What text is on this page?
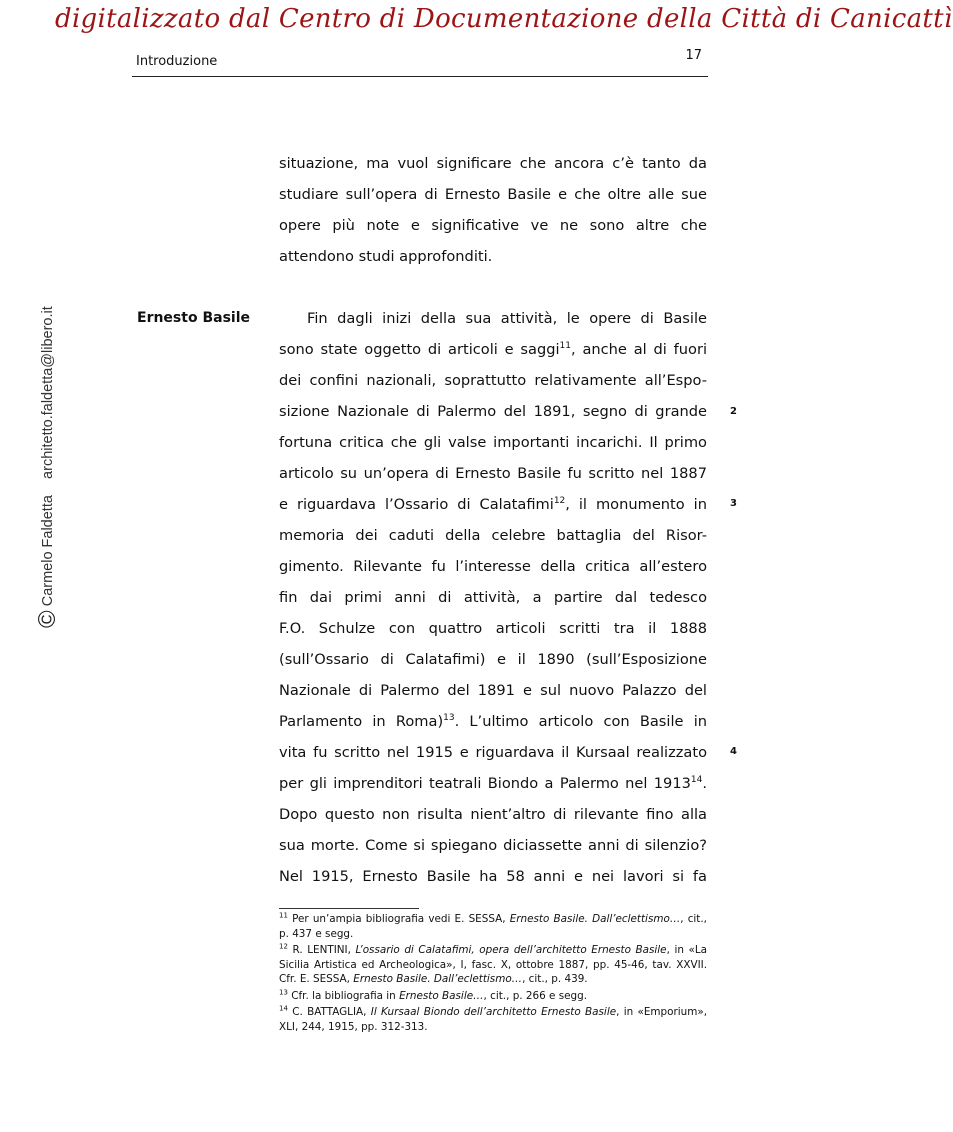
digitalizzato dal Centro di Documentazione della Città di Canicattì
Introduzione	17
© Carmelo Faldetta    architetto.faldetta@libero.it	Ernesto Basile
situazione, ma vuol significare che ancora c’è tanto da
studiare sull’opera di Ernesto Basile e che oltre alle sue
opere più note e significative ve ne sono altre che
attendono studi approfonditi.
Fin dagli inizi della sua attività, le opere di Basile
sono state oggetto di articoli e saggi$^{11}$, anche al di fuori
dei confini nazionali, soprattutto relativamente all’Espo-
sizione Nazionale di Palermo del 1891, segno di grande
fortuna critica che gli valse importanti incarichi. Il primo
articolo su un’opera di Ernesto Basile fu scritto nel 1887
e riguardava l’Ossario di Calatafimi$^{12}$, il monumento in
memoria dei caduti della celebre battaglia del Risor-
gimento. Rilevante fu l’interesse della critica all’estero
fin dai primi anni di attività, a partire dal tedesco
F.O. Schulze con quattro articoli scritti tra il 1888
(sull’Ossario di Calatafimi) e il 1890 (sull’Esposizione
Nazionale di Palermo del 1891 e sul nuovo Palazzo del
Parlamento in Roma)$^{13}$. L’ultimo articolo con Basile in
vita fu scritto nel 1915 e riguardava il Kursaal realizzato
per gli imprenditori teatrali Biondo a Palermo nel 1913$^{14}$.
Dopo questo non risulta nient’altro di rilevante fino alla
sua morte. Come si spiegano diciassette anni di silenzio?
Nel 1915, Ernesto Basile ha 58 anni e nei lavori si fa
2
3
4
$^{11}$ Per un’ampia bibliografia vedi E. SESSA, Ernesto Basile. Dall’eclettismo…, cit., p. 437 e segg.
$^{12}$ R. LENTINI, L’ossario di Calatafimi, opera dell’architetto Ernesto Basile, in «La Sicilia Artistica ed Archeologica», I, fasc. X, ottobre 1887, pp. 45-46, tav. XXVII. Cfr. E. SESSA, Ernesto Basile. Dall’eclettismo…, cit., p. 439.
$^{13}$ Cfr. la bibliografia in Ernesto Basile…, cit., p. 266 e segg.
$^{14}$ C. BATTAGLIA, Il Kursaal Biondo dell’architetto Ernesto Basile, in «Emporium», XLI, 244, 1915, pp. 312-313.
